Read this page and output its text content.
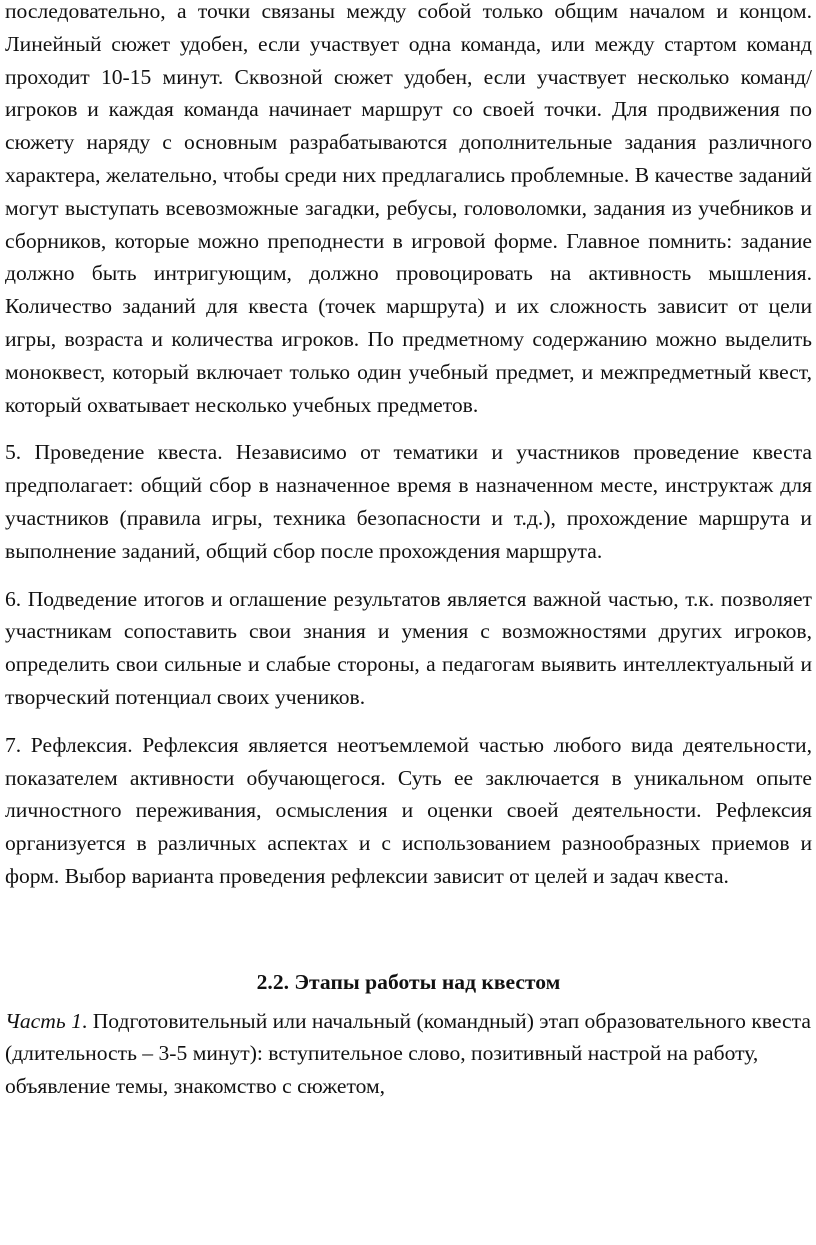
последовательно, а точки связаны между собой только общим началом и концом. Линейный сюжет удобен, если участвует одна команда, или между стартом команд проходит 10-15 минут. Сквозной сюжет удобен, если участвует несколько команд/игроков и каждая команда начинает маршрут со своей точки. Для продвижения по сюжету наряду с основным разрабатываются дополнительные задания различного характера, желательно, чтобы среди них предлагались проблемные. В качестве заданий могут выступать всевозможные загадки, ребусы, головоломки, задания из учебников и сборников, которые можно преподнести в игровой форме. Главное помнить: задание должно быть интригующим, должно провоцировать на активность мышления. Количество заданий для квеста (точек маршрута) и их сложность зависит от цели игры, возраста и количества игроков. По предметному содержанию можно выделить моноквест, который включает только один учебный предмет, и межпредметный квест, который охватывает несколько учебных предметов.

5. Проведение квеста. Независимо от тематики и участников проведение квеста предполагает: общий сбор в назначенное время в назначенном месте, инструктаж для участников (правила игры, техника безопасности и т.д.), прохождение маршрута и выполнение заданий, общий сбор после прохождения маршрута.

6. Подведение итогов и оглашение результатов является важной частью, т.к. позволяет участникам сопоставить свои знания и умения с возможностями других игроков, определить свои сильные и слабые стороны, а педагогам выявить интеллектуальный и творческий потенциал своих учеников.

7. Рефлексия. Рефлексия является неотъемлемой частью любого вида деятельности, показателем активности обучающегося. Суть ее заключается в уникальном опыте личностного переживания, осмысления и оценки своей деятельности. Рефлексия организуется в различных аспектах и с использованием разнообразных приемов и форм. Выбор варианта проведения рефлексии зависит от целей и задач квеста.

2.2. Этапы работы над квестом

Часть 1. Подготовительный или начальный (командный) этап образовательного квеста (длительность – 3-5 минут): вступительное слово, позитивный настрой на работу, объявление темы, знакомство с сюжетом,
